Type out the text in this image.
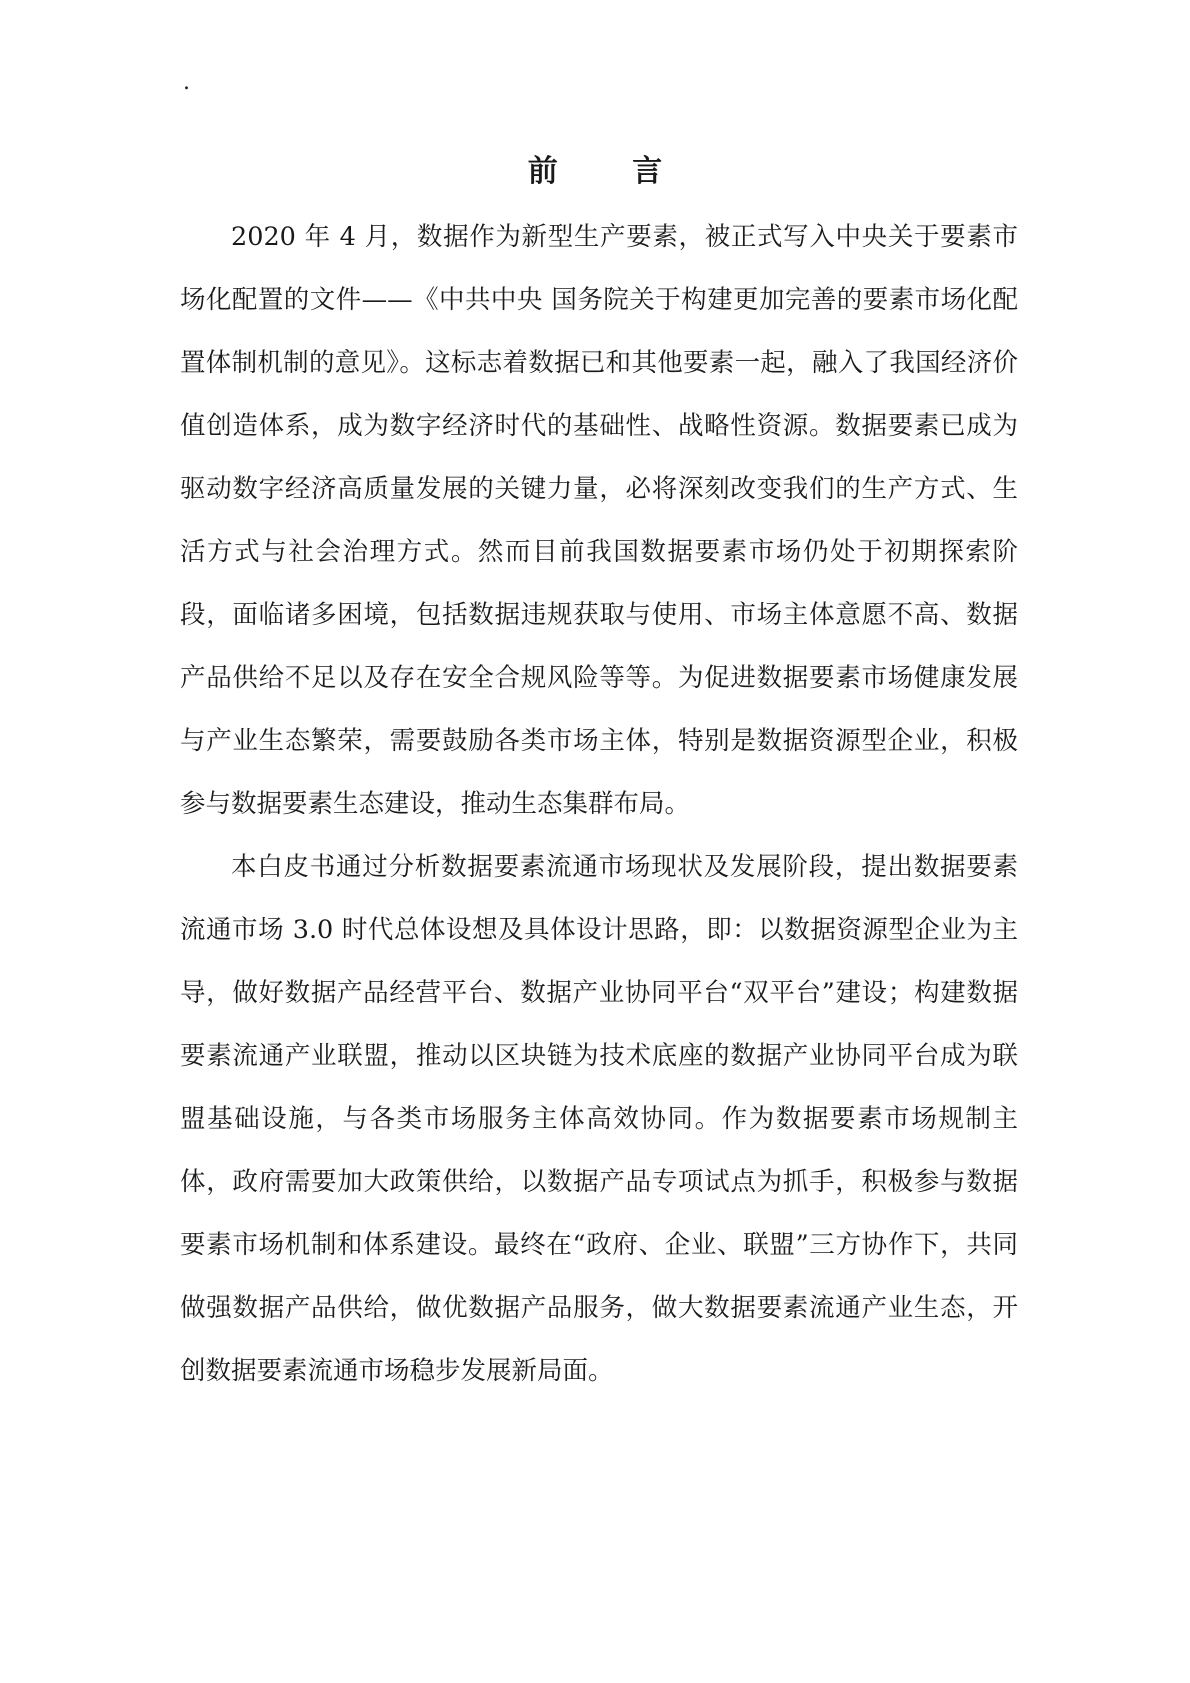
.
前 言

2020 年 4 月，数据作为新型生产要素，被正式写入中央关于要素市场化配置的文件——《中共中央 国务院关于构建更加完善的要素市场化配置体制机制的意见》。这标志着数据已和其他要素一起，融入了我国经济价值创造体系，成为数字经济时代的基础性、战略性资源。数据要素已成为驱动数字经济高质量发展的关键力量，必将深刻改变我们的生产方式、生活方式与社会治理方式。然而目前我国数据要素市场仍处于初期探索阶段，面临诸多困境，包括数据违规获取与使用、市场主体意愿不高、数据产品供给不足以及存在安全合规风险等等。为促进数据要素市场健康发展与产业生态繁荣，需要鼓励各类市场主体，特别是数据资源型企业，积极参与数据要素生态建设，推动生态集群布局。

本白皮书通过分析数据要素流通市场现状及发展阶段，提出数据要素流通市场 3.0 时代总体设想及具体设计思路，即：以数据资源型企业为主导，做好数据产品经营平台、数据产业协同平台“双平台”建设；构建数据要素流通产业联盟，推动以区块链为技术底座的数据产业协同平台成为联盟基础设施，与各类市场服务主体高效协同。作为数据要素市场规制主体，政府需要加大政策供给，以数据产品专项试点为抓手，积极参与数据要素市场机制和体系建设。最终在“政府、企业、联盟”三方协作下，共同做强数据产品供给，做优数据产品服务，做大数据要素流通产业生态，开创数据要素流通市场稳步发展新局面。
